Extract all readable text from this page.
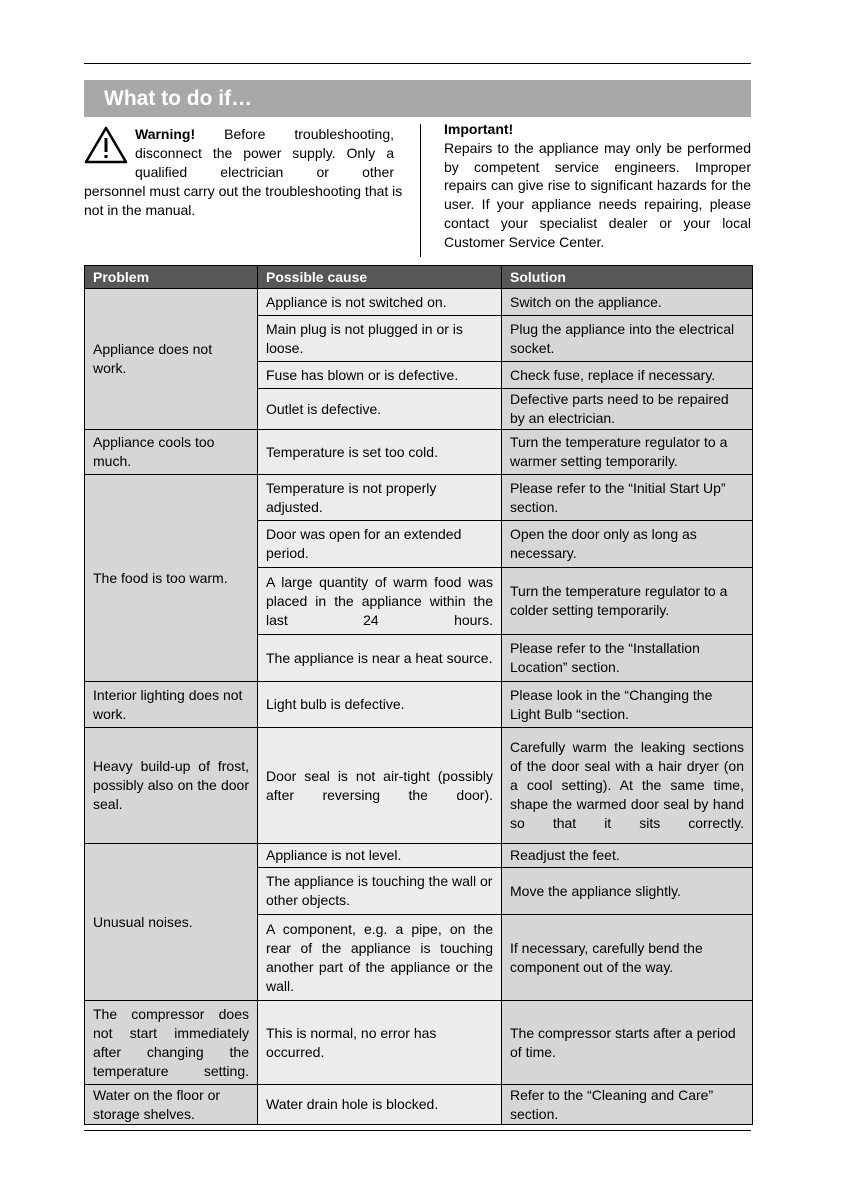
What to do if…
Warning! Before troubleshooting, disconnect the power supply. Only a qualified electrician or other
personnel must carry out the troubleshooting that is not in the manual.
Important!
Repairs to the appliance may only be performed by competent service engineers. Improper repairs can give rise to significant hazards for the user. If your appliance needs repairing, please contact your specialist dealer or your local Customer Service Center.
Problem	Possible cause	Solution
Appliance does not work.	Appliance is not switched on.	Switch on the appliance.
	Main plug is not plugged in or is loose.	Plug the appliance into the electrical socket.
	Fuse has blown or is defective.	Check fuse, replace if necessary.
	Outlet is defective.	Defective parts need to be repaired by an electrician.
Appliance cools too much.	Temperature is set too cold.	Turn the temperature regulator to a warmer setting temporarily.
The food is too warm.	Temperature is not properly adjusted.	Please refer to the “Initial Start Up” section.
	Door was open for an extended period.	Open the door only as long as necessary.
	A large quantity of warm food was placed in the appliance within the last 24 hours.	Turn the temperature regulator to a colder setting temporarily.
	The appliance is near a heat source.	Please refer to the “Installation Location” section.
Interior lighting does not work.	Light bulb is defective.	Please look in the “Changing the Light Bulb “section.
Heavy build-up of frost, possibly also on the door seal.	Door seal is not air-tight (possibly after reversing the door).	Carefully warm the leaking sections of the door seal with a hair dryer (on a cool setting). At the same time, shape the warmed door seal by hand so that it sits correctly.
Unusual noises.	Appliance is not level.	Readjust the feet.
	The appliance is touching the wall or other objects.	Move the appliance slightly.
	A component, e.g. a pipe, on the rear of the appliance is touching another part of the appliance or the wall.	If necessary, carefully bend the component out of the way.
The compressor does not start immediately after changing the temperature setting.	This is normal, no error has occurred.	The compressor starts after a period of time.
Water on the floor or storage shelves.	Water drain hole is blocked.	Refer to the “Cleaning and Care” section.
